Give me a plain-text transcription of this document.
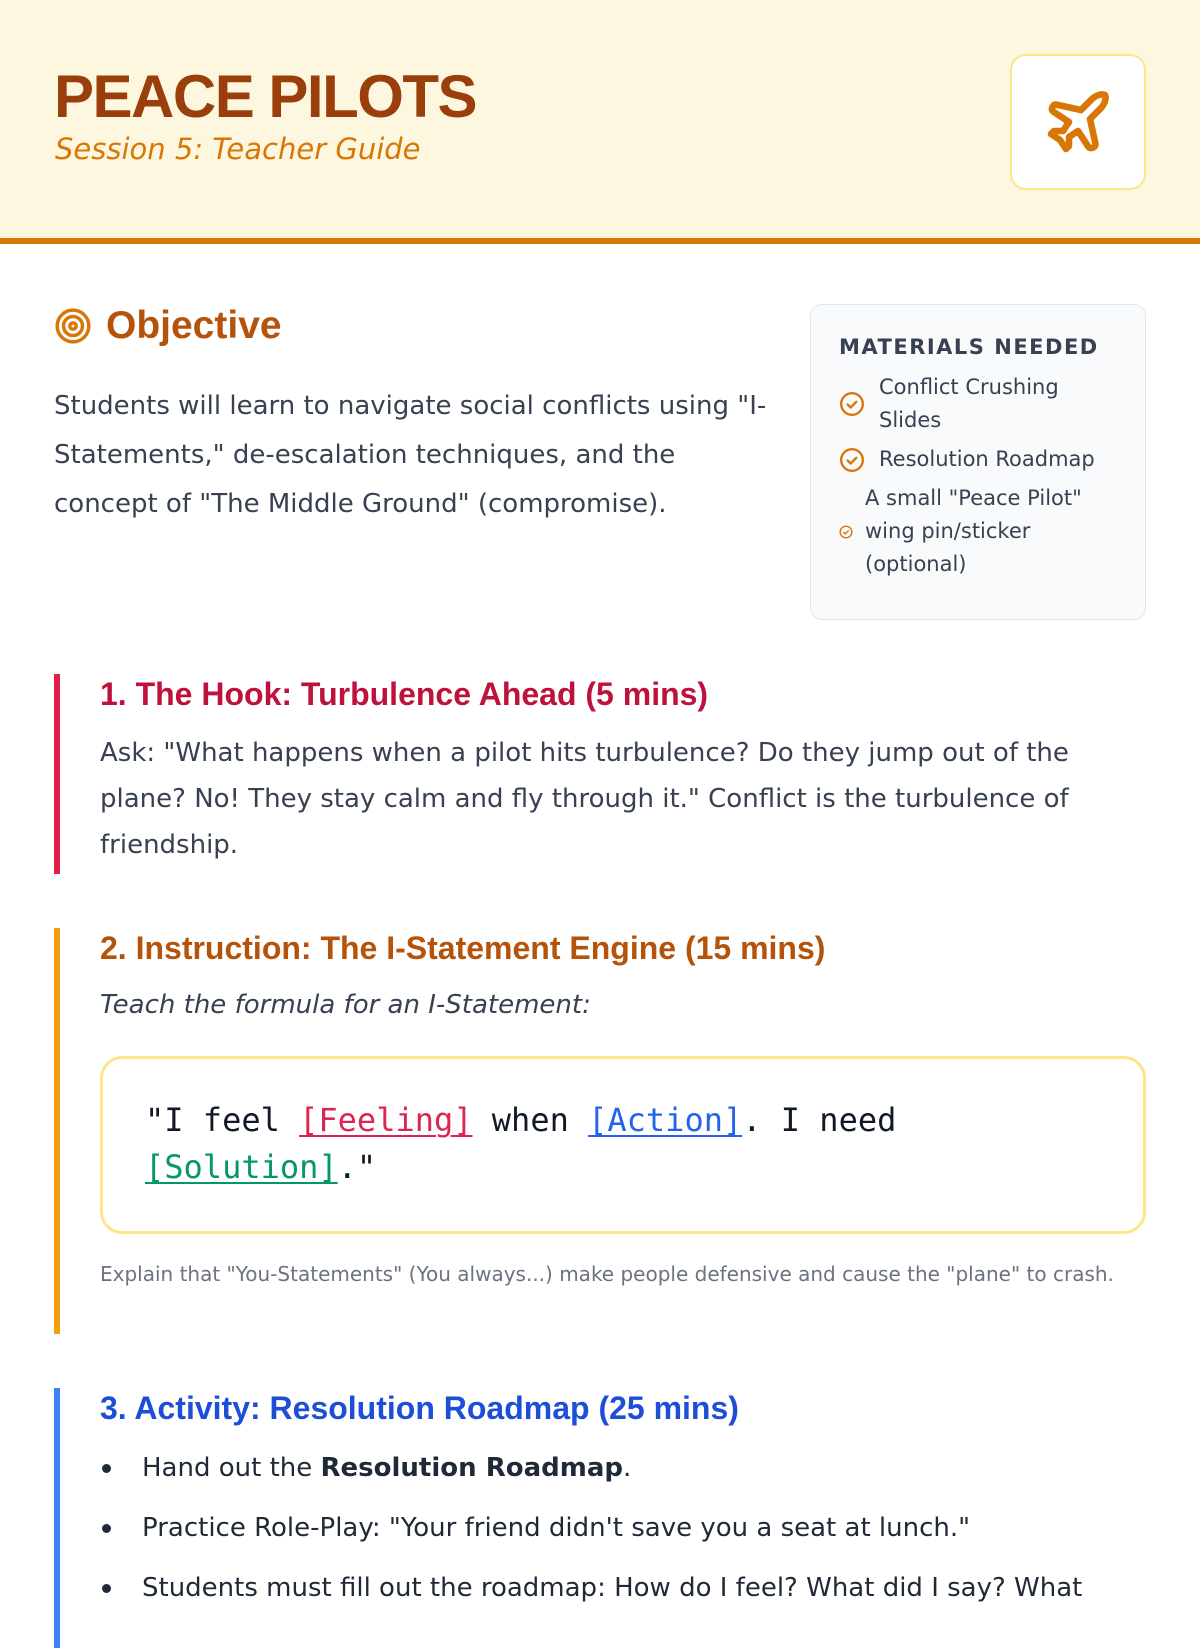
PEACE PILOTS
Session 5: Teacher Guide
Objective

Students will learn to navigate social conflicts using "I-Statements," de-escalation techniques, and the concept of "The Middle Ground" (compromise).

MATERIALS NEEDED
Conflict Crushing Slides
Resolution Roadmap
A small "Peace Pilot" wing pin/sticker (optional)
1. The Hook: Turbulence Ahead (5 mins)

Ask: "What happens when a pilot hits turbulence? Do they jump out of the plane? No! They stay calm and fly through it." Conflict is the turbulence of friendship.

2. Instruction: The I-Statement Engine (15 mins)

Teach the formula for an I-Statement:

"I feel [Feeling] when [Action]. I need [Solution]."

Explain that "You-Statements" (You always...) make people defensive and cause the "plane" to crash.

3. Activity: Resolution Roadmap (25 mins)
Hand out the Resolution Roadmap.
Practice Role-Play: "Your friend didn't save you a seat at lunch."
Students must fill out the roadmap: How do I feel? What did I say? What
